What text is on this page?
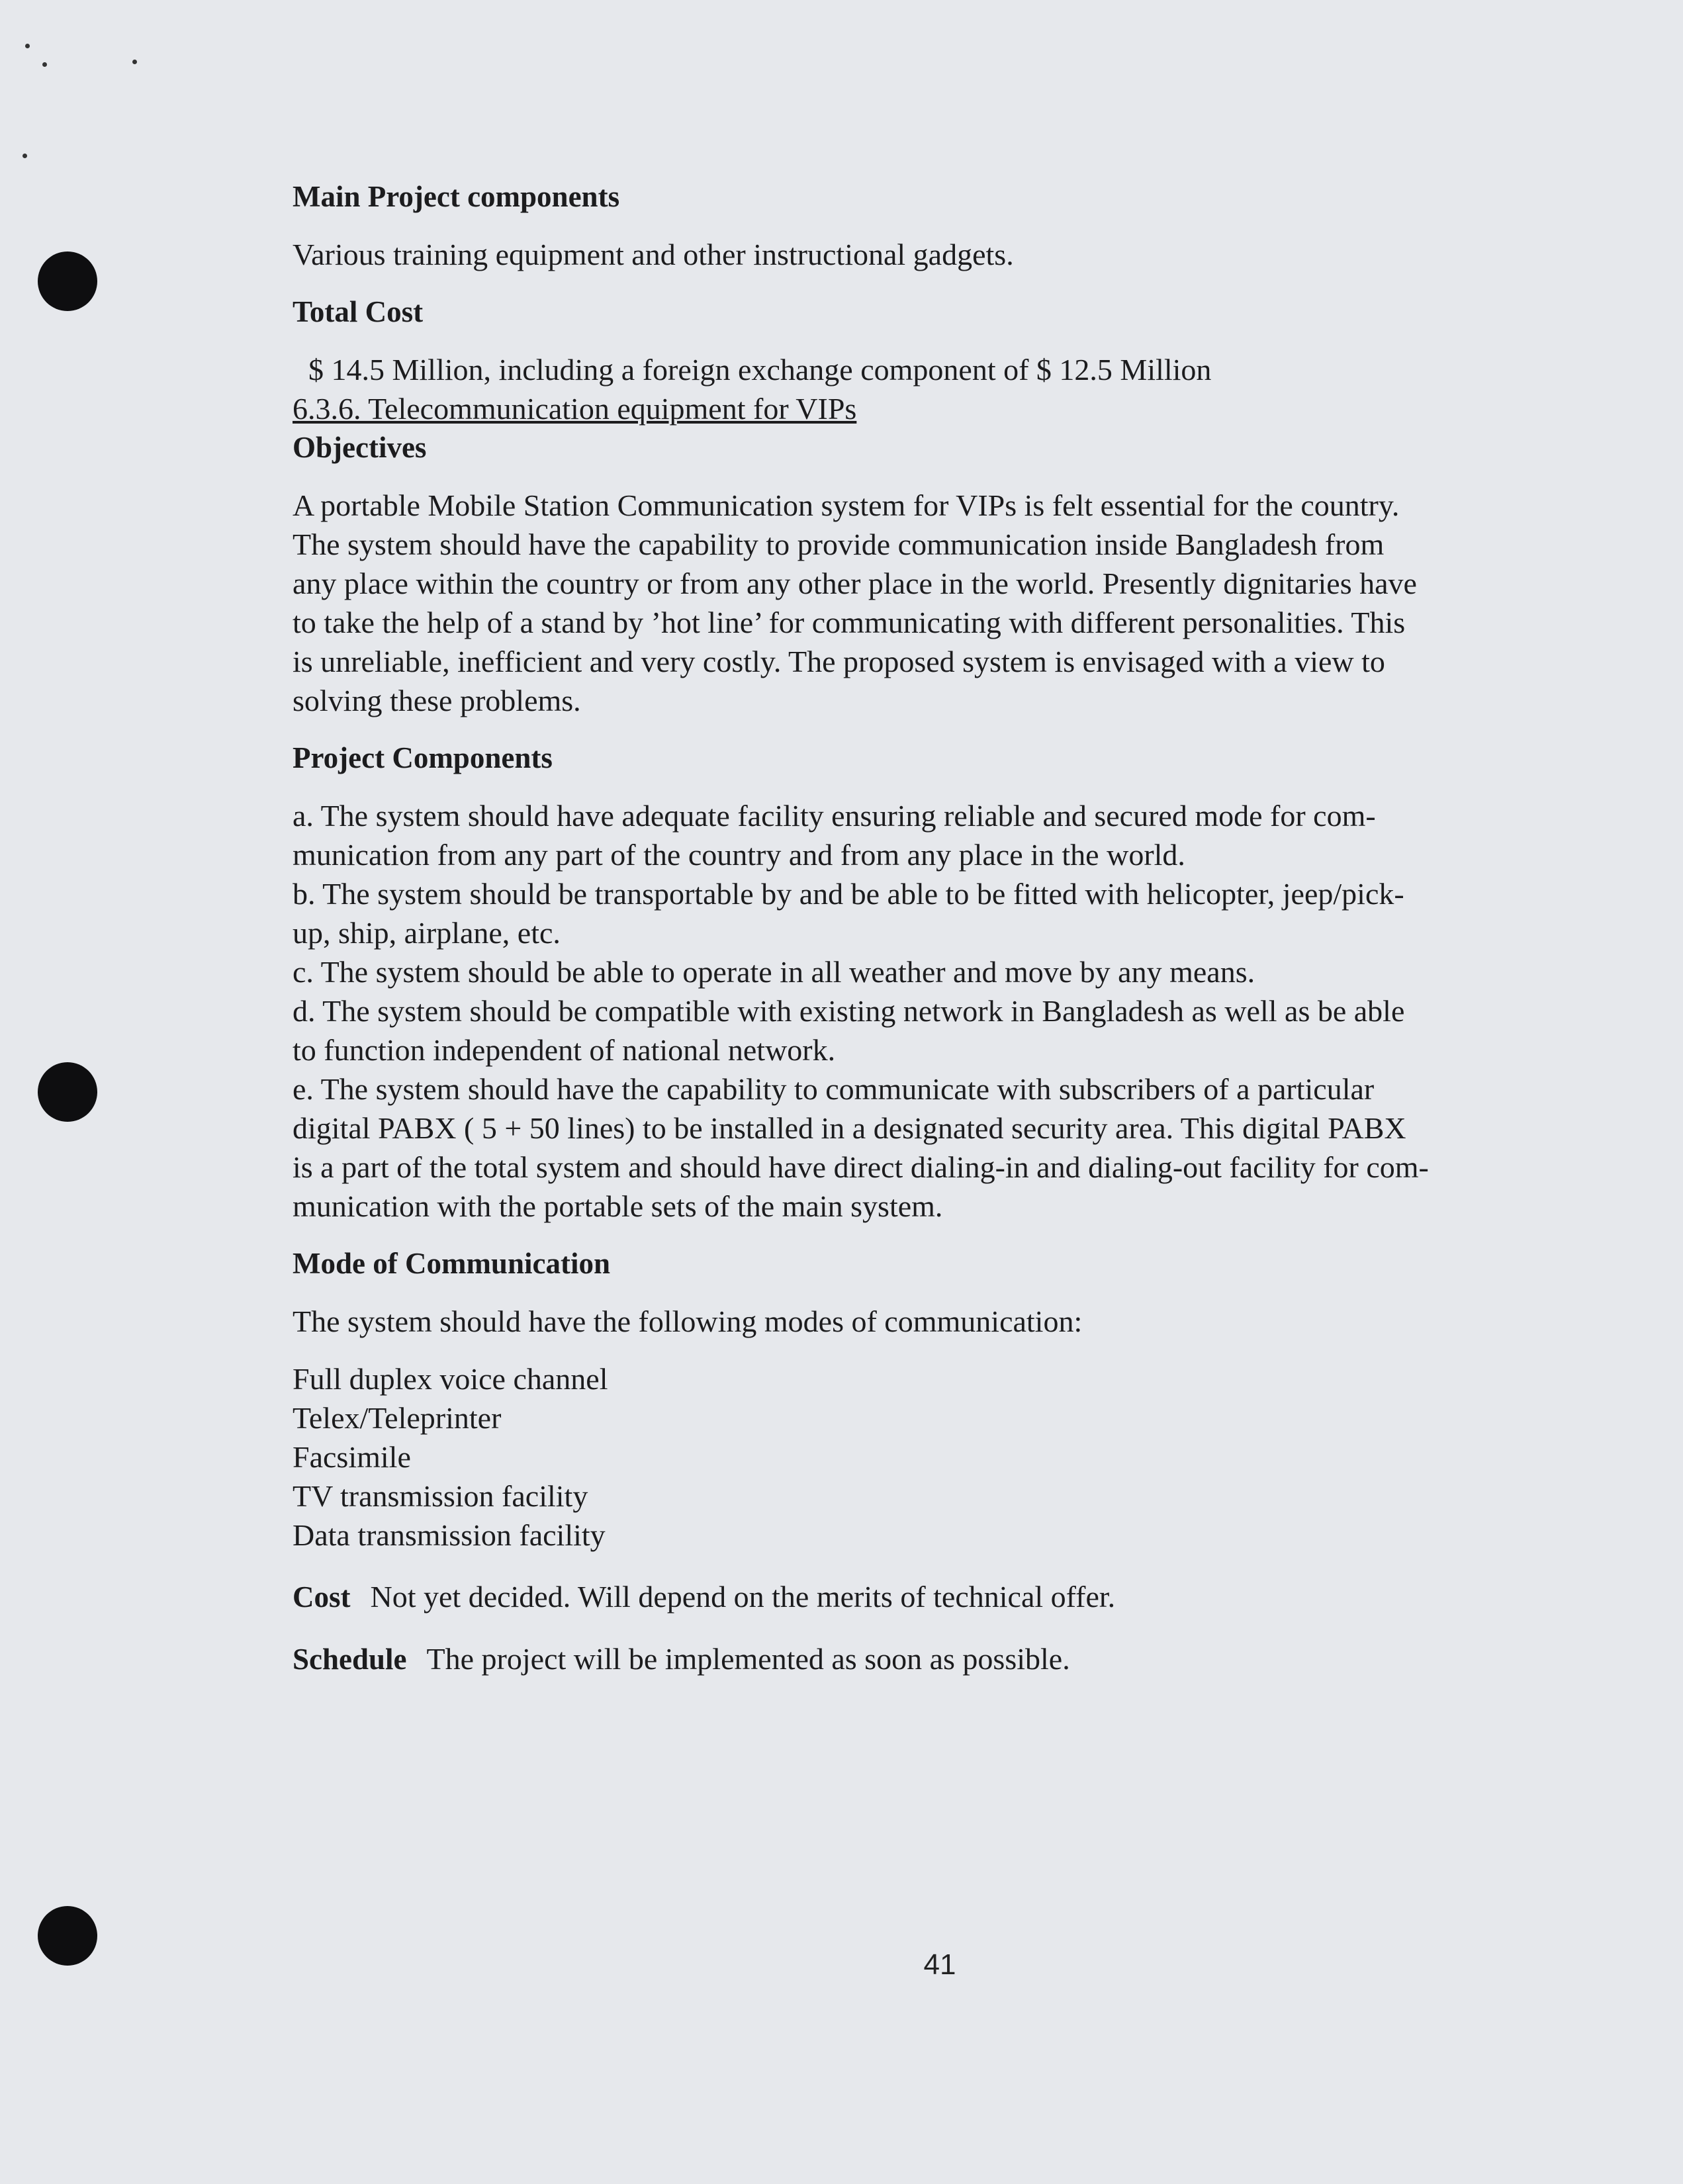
Main Project components
Various training equipment and other instructional gadgets.
Total Cost
$ 14.5 Million, including a foreign exchange component of $ 12.5 Million
6.3.6. Telecommunication equipment for VIPs
Objectives
A portable Mobile Station Communication system for VIPs is felt essential for the country.
The system should have the capability to provide communication inside Bangladesh from
any place within the country or from any other place in the world. Presently dignitaries have
to take the help of a stand by ’hot line’ for communicating with different personalities. This
is unreliable, inefficient and very costly. The proposed system is envisaged with a view to
solving these problems.
Project Components
a. The system should have adequate facility ensuring reliable and secured mode for com-
munication from any part of the country and from any place in the world.
b. The system should be transportable by and be able to be fitted with helicopter, jeep/pick-
up, ship, airplane, etc.
c. The system should be able to operate in all weather and move by any means.
d. The system should be compatible with existing network in Bangladesh as well as be able
to function independent of national network.
e. The system should have the capability to communicate with subscribers of a particular
digital PABX ( 5 + 50 lines) to be installed in a designated security area. This digital PABX
is a part of the total system and should have direct dialing-in and dialing-out facility for com-
munication with the portable sets of the main system.
Mode of Communication
The system should have the following modes of communication:
Full duplex voice channel
Telex/Teleprinter
Facsimile
TV transmission facility
Data transmission facility
Cost Not yet decided. Will depend on the merits of technical offer.
Schedule The project will be implemented as soon as possible.
41
